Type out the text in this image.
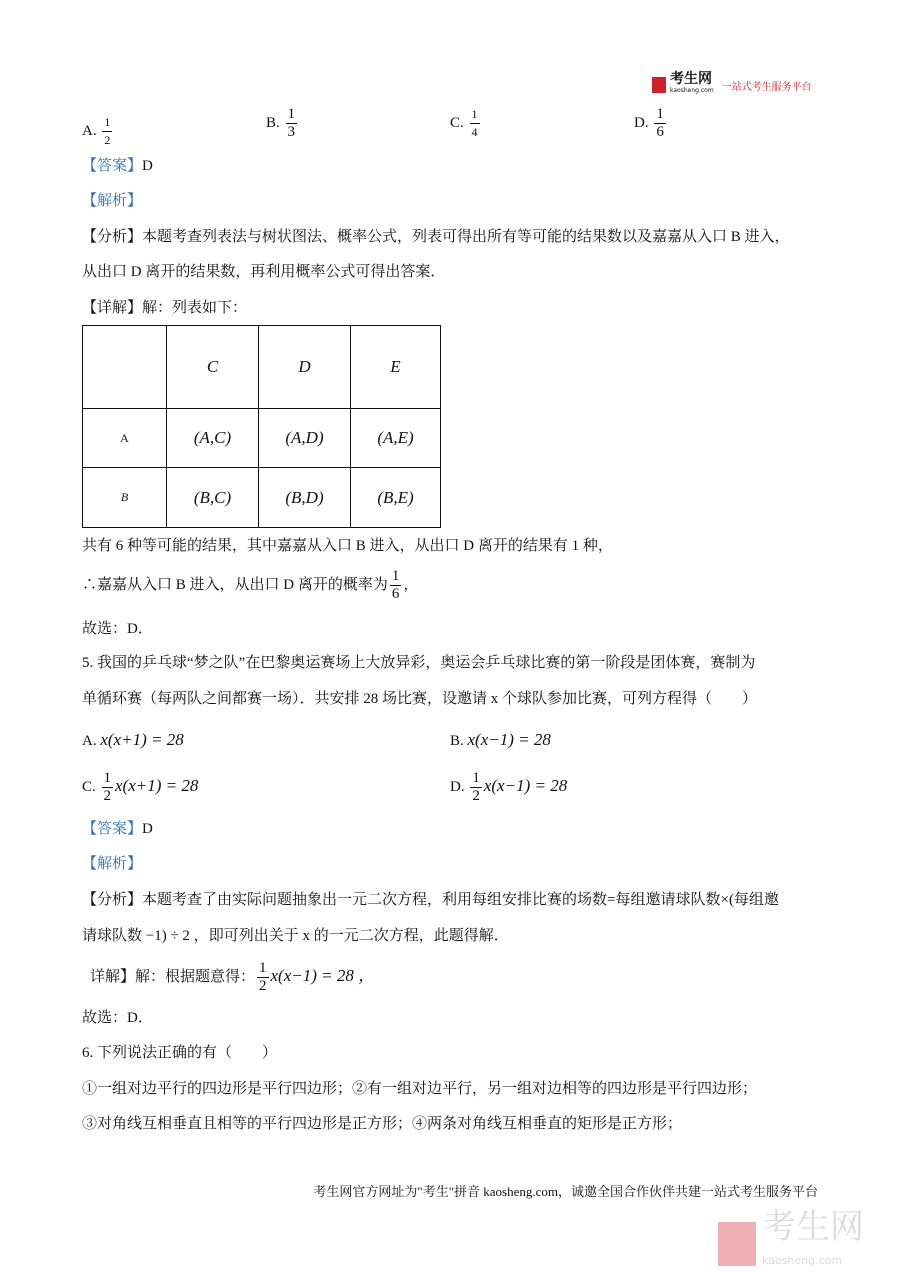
考生网
kaosheng.com 一站式考生服务平台
A. $\frac{1}{2}$	B. $\frac{1}{3}$	C. $\frac{1}{4}$	D. $\frac{1}{6}$
【答案】D
【解析】
【分析】本题考查列表法与树状图法、概率公式，列表可得出所有等可能的结果数以及嘉嘉从入口 B 进入，
从出口 D 离开的结果数，再利用概率公式可得出答案．
【详解】解：列表如下：
	C	D	E
A	(A,C)	(A,D)	(A,E)
B	(B,C)	(B,D)	(B,E)
共有 6 种等可能的结果，其中嘉嘉从入口 B 进入，从出口 D 离开的结果有 1 种，
∴嘉嘉从入口 B 进入，从出口 D 离开的概率为 $\frac{1}{6}$ ，
故选：D．
5. 我国的乒乓球“梦之队”在巴黎奥运赛场上大放异彩，奥运会乒乓球比赛的第一阶段是团体赛，赛制为
单循环赛（每两队之间都赛一场）．共安排 28 场比赛，设邀请 x 个球队参加比赛，可列方程得（　　）
A. x(x+1) = 28	B. x(x−1) = 28
C. $\frac{1}{2} x(x+1) = 28$	D. $\frac{1}{2} x(x-1) = 28$
【答案】D
【解析】
【分析】本题考查了由实际问题抽象出一元二次方程，利用每组安排比赛的场数=每组邀请球队数×(每组邀
请球队数 −1) ÷ 2 ，即可列出关于 x 的一元二次方程，此题得解．
详解】解：根据题意得： $\frac{1}{2} x(x-1) = 28$ ，
故选：D．
6. 下列说法正确的有（　　）
①一组对边平行的四边形是平行四边形；②有一组对边平行，另一组对边相等的四边形是平行四边形；
③对角线互相垂直且相等的平行四边形是正方形；④两条对角线互相垂直的矩形是正方形；
考生网官方网址为"考生"拼音 kaosheng.com，诚邀全国合作伙伴共建一站式考生服务平台
考生网
kaosheng.com
